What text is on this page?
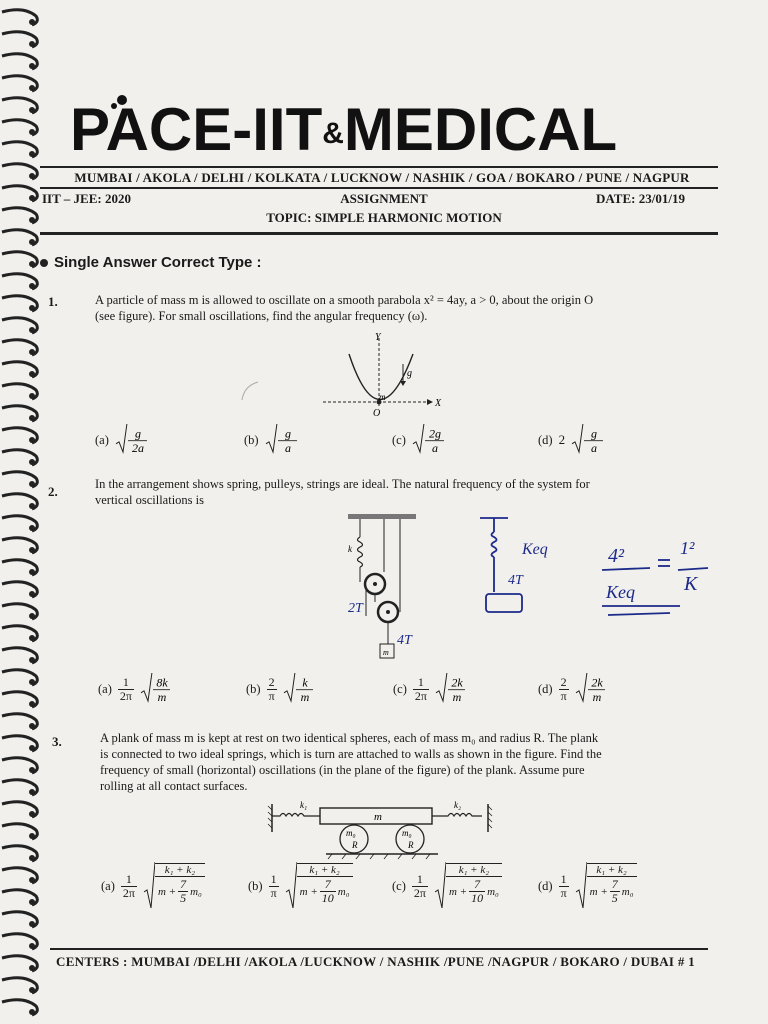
PACE-IIT&MEDICAL
MUMBAI / AKOLA / DELHI / KOLKATA / LUCKNOW / NASHIK / GOA / BOKARO / PUNE / NAGPUR
IIT – JEE: 2020	ASSIGNMENT	DATE: 23/01/19
TOPIC: SIMPLE HARMONIC MOTION
Single Answer Correct Type :
1.	A particle of mass m is allowed to oscillate on a smooth parabola x² = 4ay, a > 0, about the origin O
(see figure). For small oscillations, find the angular frequency (ω).
Y
X
O
m
g
(a) g
2a
(b) g
a
(c) 2g
a
(d) 2 g
a
2.	In the arrangement shows spring, pulleys, strings are ideal. The natural frequency of the system for
vertical oscillations is
k
m
Keq
4T
4²
Keq
1²
K
2T
4T
(a) 1
2π
8k
m
(b) 2
π
k
m
(c) 1
2π
2k
m
(d) 2
π
2k
m
3.	A plank of mass m is kept at rest on two identical spheres, each of mass m₀ and radius R. The plank
is connected to two ideal springs, which is turn are attached to walls as shown in the figure. Find the
frequency of small (horizontal) oscillations (in the plane of the figure) of the plank. Assume pure
rolling at all contact surfaces.
k₁	k₂
m
m₀
R
m₀
R
(a) 1
$2\pi \frac{\text{k₁ + k₂}}{m + \frac{7}{5} m_0}$	(b) 1
π $\frac{\text{k₁ + k₂}}{m + \frac{7}{10} m_0}$	(c) 1
$2\pi \frac{\text{k₁ + k₂}}{m + \frac{7}{10} m_0}$	(d) 1
π $\frac{\text{k₁ + k₂}}{m + \frac{7}{5} m_0}$
CENTERS : MUMBAI /DELHI /AKOLA /LUCKNOW / NASHIK /PUNE /NAGPUR / BOKARO / DUBAI # 1
